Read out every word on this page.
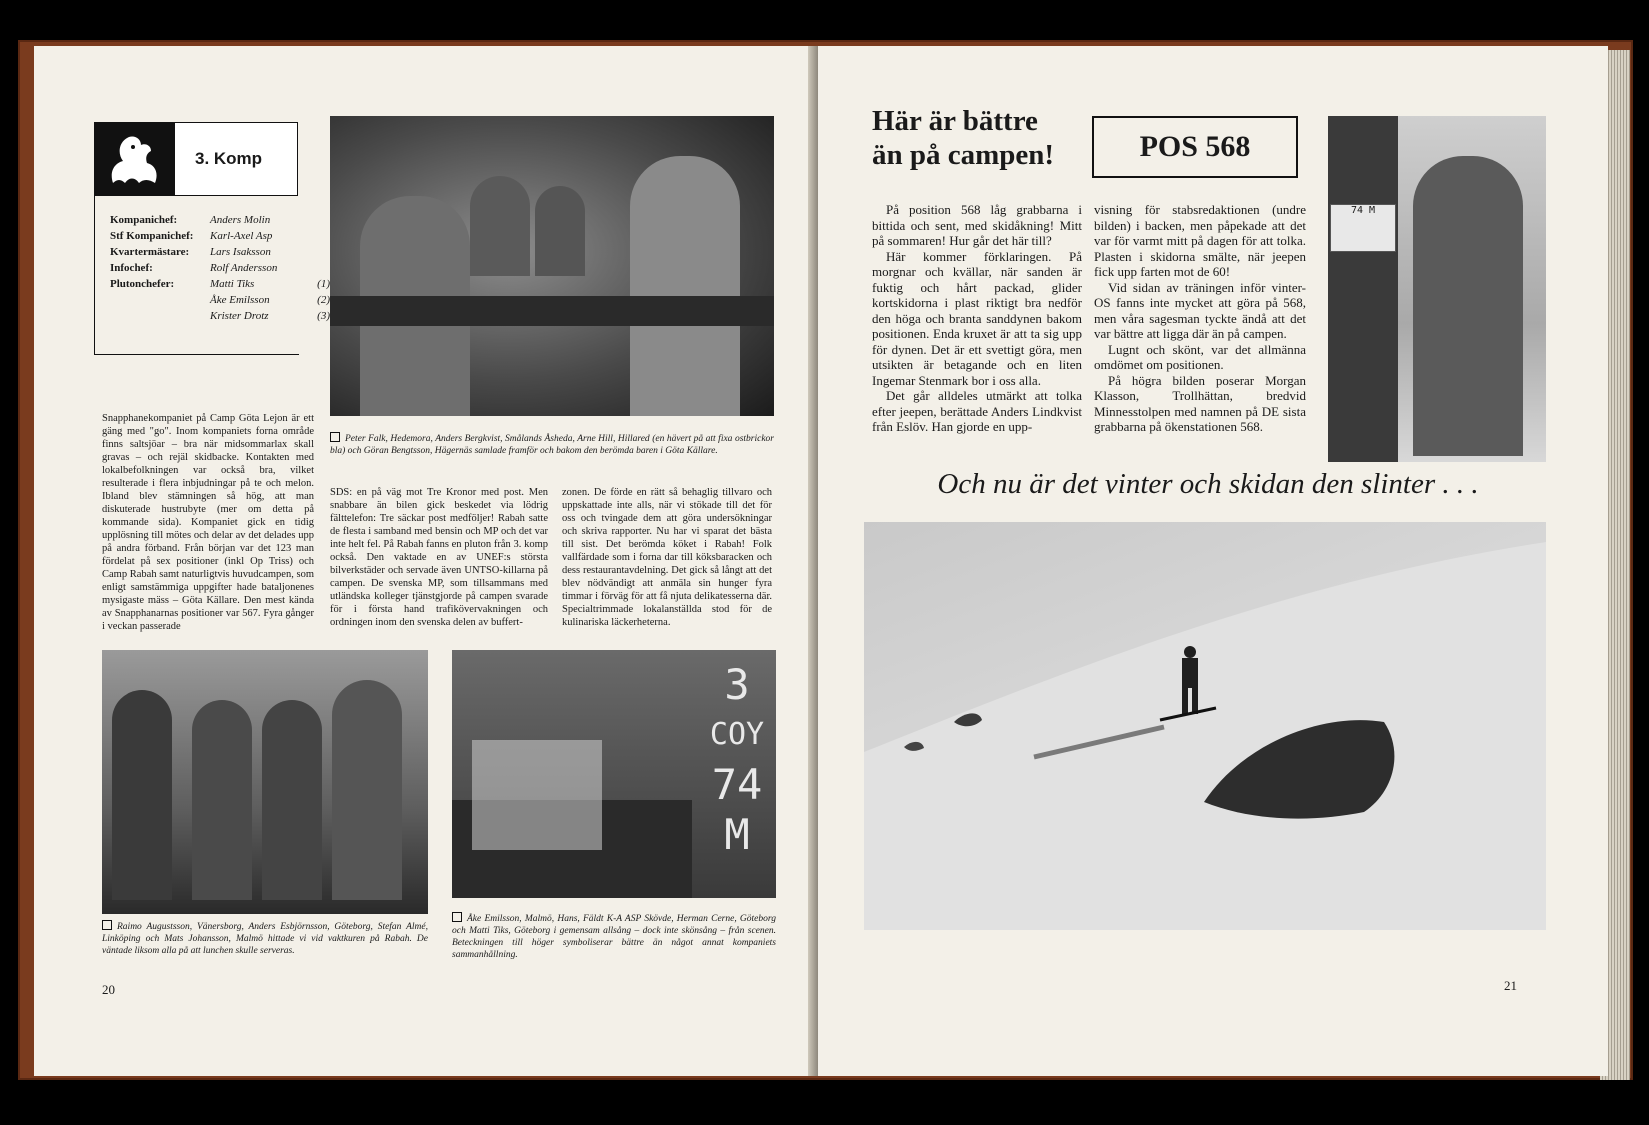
3. Komp
Kompanichef:	Anders Molin
Stf Kompanichef:	Karl-Axel Asp
Kvartermästare:	Lars Isaksson
Infochef:	Rolf Andersson
Plutonchefer:	Matti Tiks	(1)
Åke Emilsson	(2)
Krister Drotz	(3)
Peter Falk, Hedemora, Anders Bergkvist, Smålands Åsheda, Arne Hill, Hillared (en hävert på att fixa ostbrickor bla) och Göran Bengtsson, Hägernäs samlade framför och bakom den berömda baren i Göta Källare.
Snapphanekompaniet på Camp Göta Lejon är ett gäng med "go". Inom kompaniets forna område finns saltsjöar – bra när midsommarlax skall gravas – och rejäl skidbacke. Kontakten med lokalbefolkningen var också bra, vilket resulterade i flera inbjudningar på te och melon. Ibland blev stämningen så hög, att man diskuterade hustrubyte (mer om detta på kommande sida). Kompaniet gick en tidig upplösning till mötes och delar av det delades upp på andra förband. Från början var det 123 man fördelat på sex positioner (inkl Op Triss) och Camp Rabah samt naturligtvis huvudcampen, som enligt samstämmiga uppgifter hade bataljonenes mysigaste mäss – Göta Källare. Den mest kända av Snapphanarnas positioner var 567. Fyra gånger i veckan passerade
SDS: en på väg mot Tre Kronor med post. Men snabbare än bilen gick beskedet via lödrig fälttelefon: Tre säckar post medföljer! Rabah satte de flesta i samband med bensin och MP och det var inte helt fel. På Rabah fanns en pluton från 3. komp också. Den vaktade en av UNEF:s största bilverkstäder och servade även UNTSO-killarna på campen. De svenska MP, som tillsammans med utländska kolleger tjänstgjorde på campen svarade för i första hand trafikövervakningen och ordningen inom den svenska delen av buffert-
zonen. De förde en rätt så behaglig tillvaro och uppskattade inte alls, när vi stökade till det för oss och tvingade dem att göra undersökningar och skriva rapporter. Nu har vi sparat det bästa till sist. Det berömda köket i Rabah! Folk vallfärdade som i forna dar till köksbaracken och dess restaurantavdelning. Det gick så långt att det blev nödvändigt att anmäla sin hunger fyra timmar i förväg för att få njuta delikatesserna där. Specialtrimmade lokalanställda stod för de kulinariska läckerheterna.
Raimo Augustsson, Vänersborg, Anders Esbjörnsson, Göteborg, Stefan Almé, Linköping och Mats Johansson, Malmö hittade vi vid vaktkuren på Rabah. De väntade liksom alla på att lunchen skulle serveras.
3
COY
74
M
Åke Emilsson, Malmö, Hans, Fäldt K-A ASP Skövde, Herman Cerne, Göteborg och Matti Tiks, Göteborg i gemensam allsång – dock inte skönsång – från scenen. Beteckningen till höger symboliserar bättre än något annat kompaniets sammanhållning.
20
Här är bättre
än på campen!	POS 568
74 M
På position 568 låg grabbarna i bittida och sent, med skidåkning! Mitt på sommaren! Hur går det här till?
Här kommer förklaringen. På morgnar och kvällar, när sanden är fuktig och hårt packad, glider kortskidorna i plast riktigt bra nedför den höga och branta sanddynen bakom positionen. Enda kruxet är att ta sig upp för dynen. Det är ett svettigt göra, men utsikten är betagande och en liten Ingemar Stenmark bor i oss alla.
Det går alldeles utmärkt att tolka efter jeepen, berättade Anders Lindkvist från Eslöv. Han gjorde en upp-
visning för stabsredaktionen (undre bilden) i backen, men påpekade att det var för varmt mitt på dagen för att tolka. Plasten i skidorna smälte, när jeepen fick upp farten mot de 60!
Vid sidan av träningen inför vinter-OS fanns inte mycket att göra på 568, men våra sagesman tyckte ändå att det var bättre att ligga där än på campen.
Lugnt och skönt, var det allmänna omdömet om positionen.
På högra bilden poserar Morgan Klasson, Trollhättan, bredvid Minnesstolpen med namnen på DE sista grabbarna på ökenstationen 568.
Och nu är det vinter och skidan den slinter . . .
21
